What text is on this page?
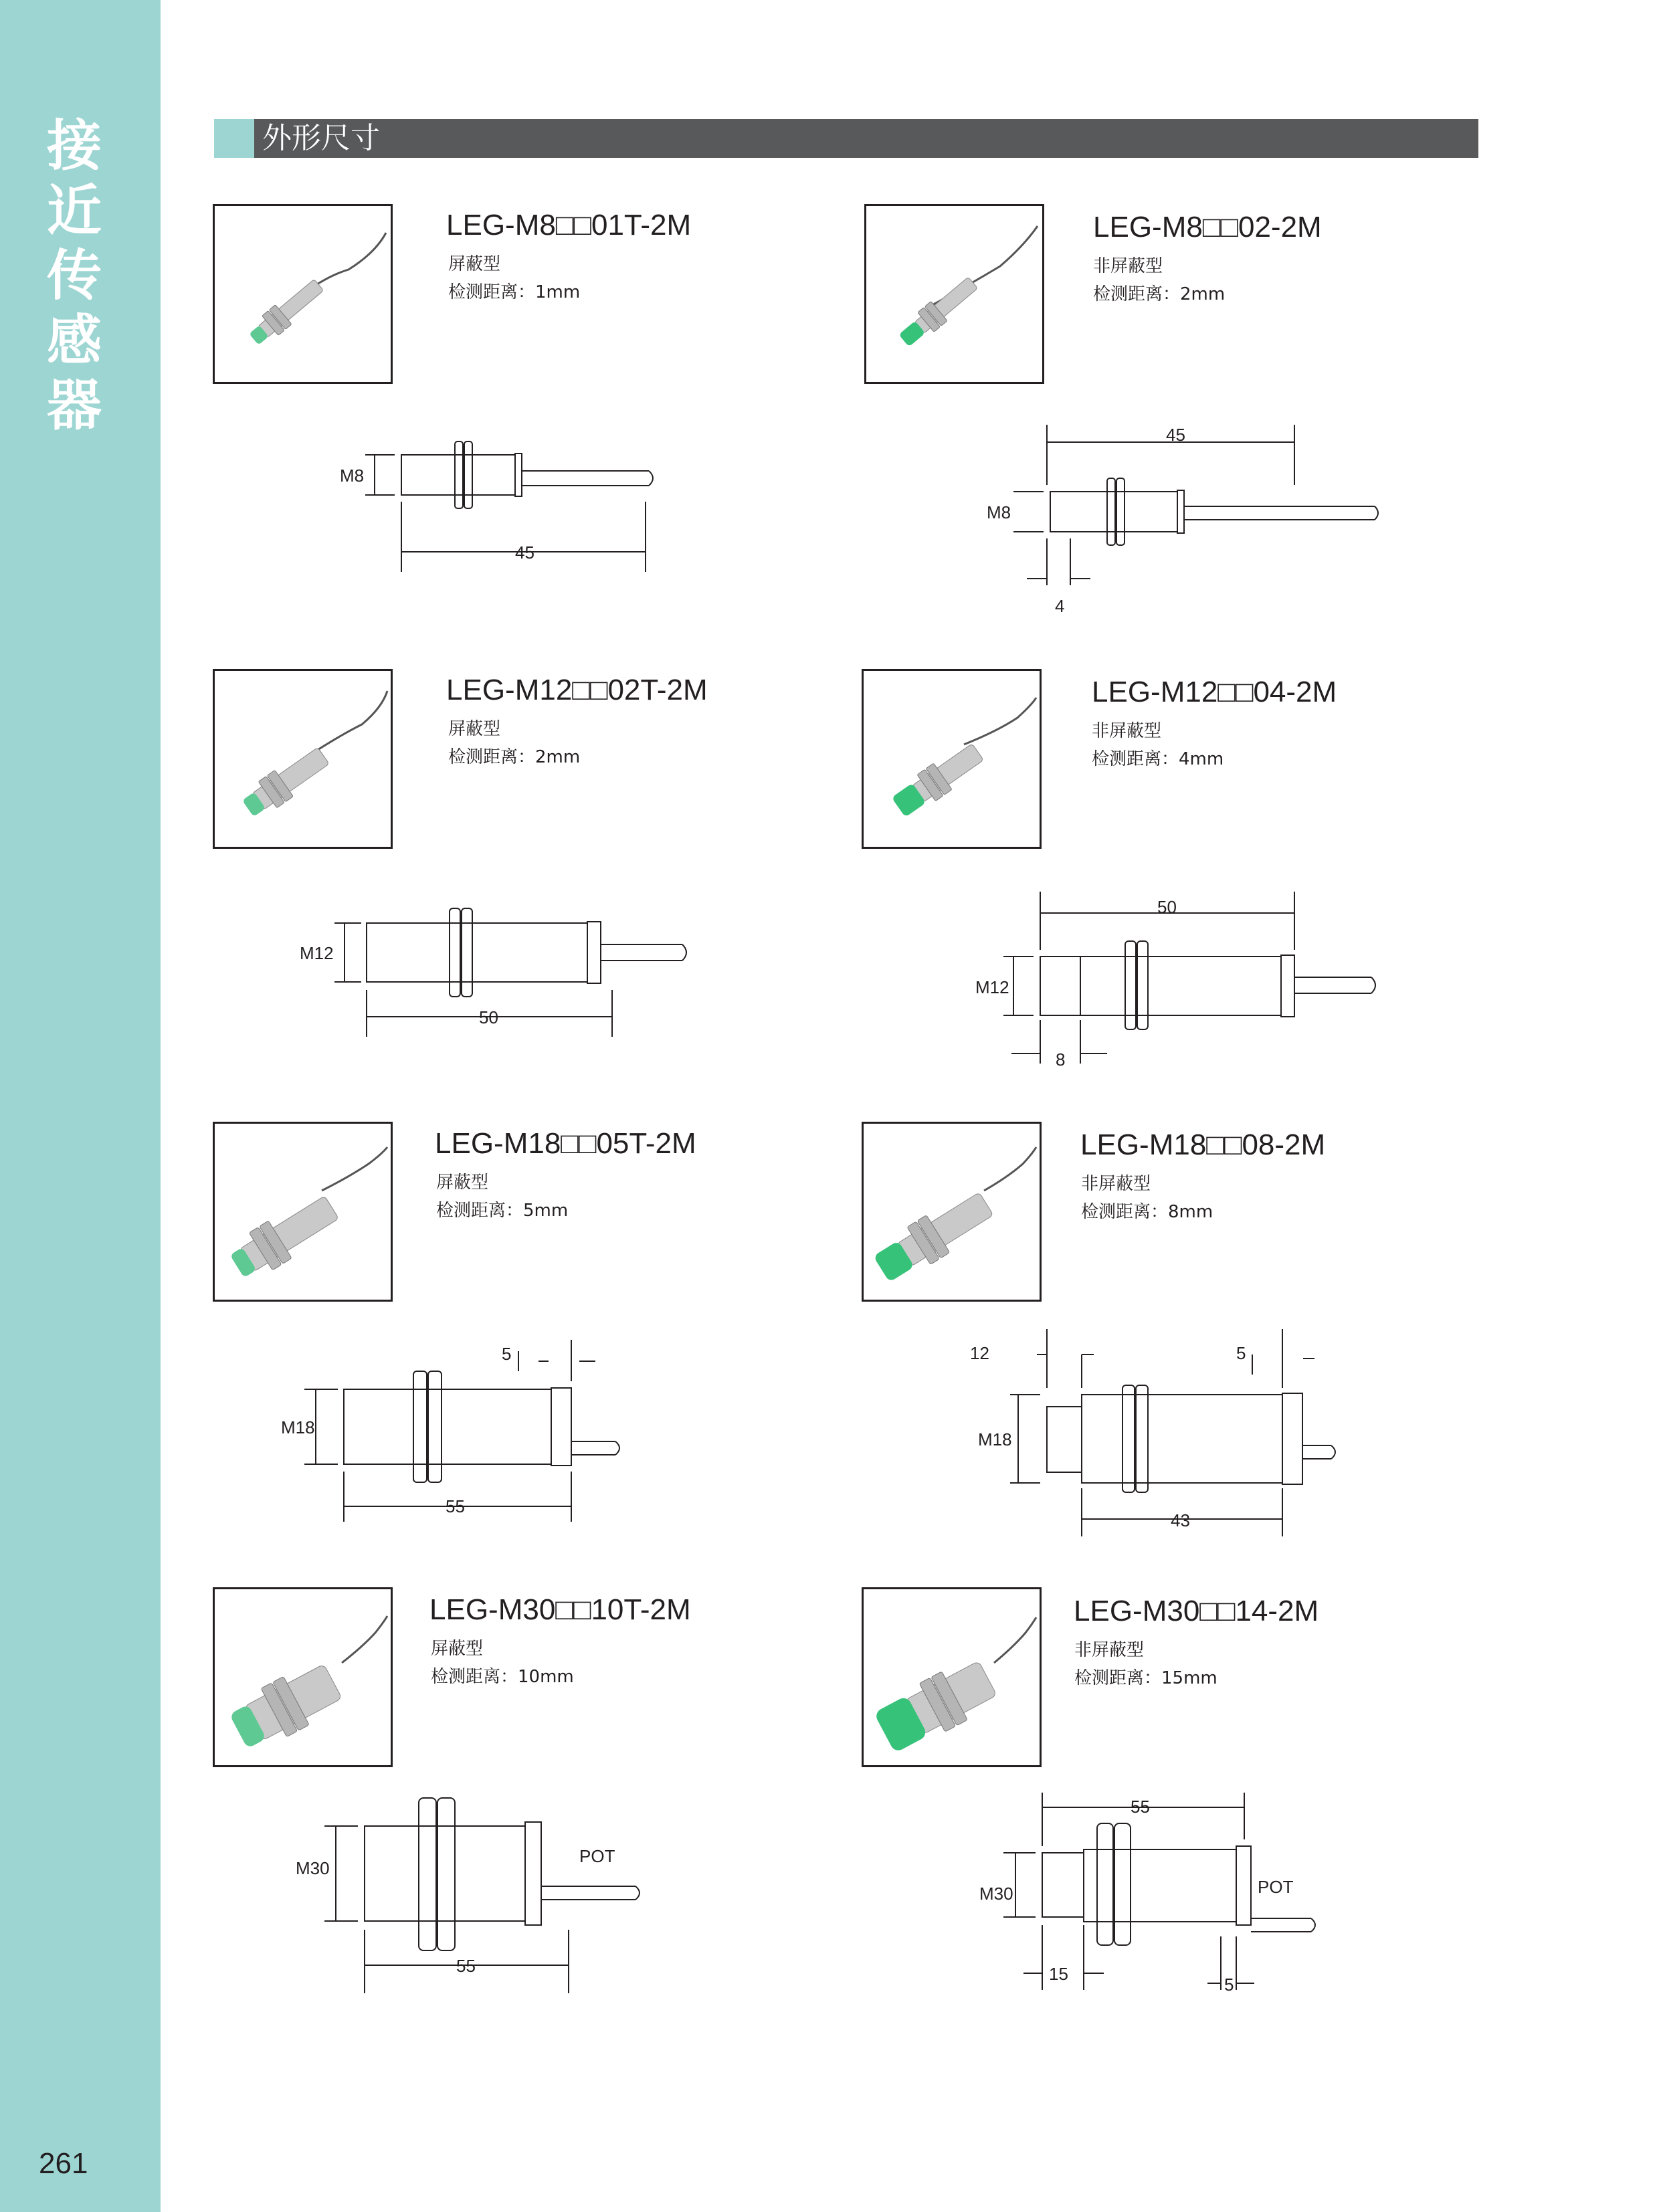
接近传感器
261
外形尺寸
LEG-M8□□01T-2M
屏蔽型
检测距离：1mm
M8
45
LEG-M8□□02-2M
非屏蔽型
检测距离：2mm
45
M8
4
LEG-M12□□02T-2M
屏蔽型
检测距离：2mm
M12
50
LEG-M12□□04-2M
非屏蔽型
检测距离：4mm
50
M12
8
LEG-M18□□05T-2M
屏蔽型
检测距离：5mm
M18
55
5
LEG-M18□□08-2M
非屏蔽型
检测距离：8mm
12
M18
43
5
LEG-M30□□10T-2M
屏蔽型
检测距离：10mm
M30
55
POT
LEG-M30□□14-2M
非屏蔽型
检测距离：15mm
55
M30
15
5
POT
